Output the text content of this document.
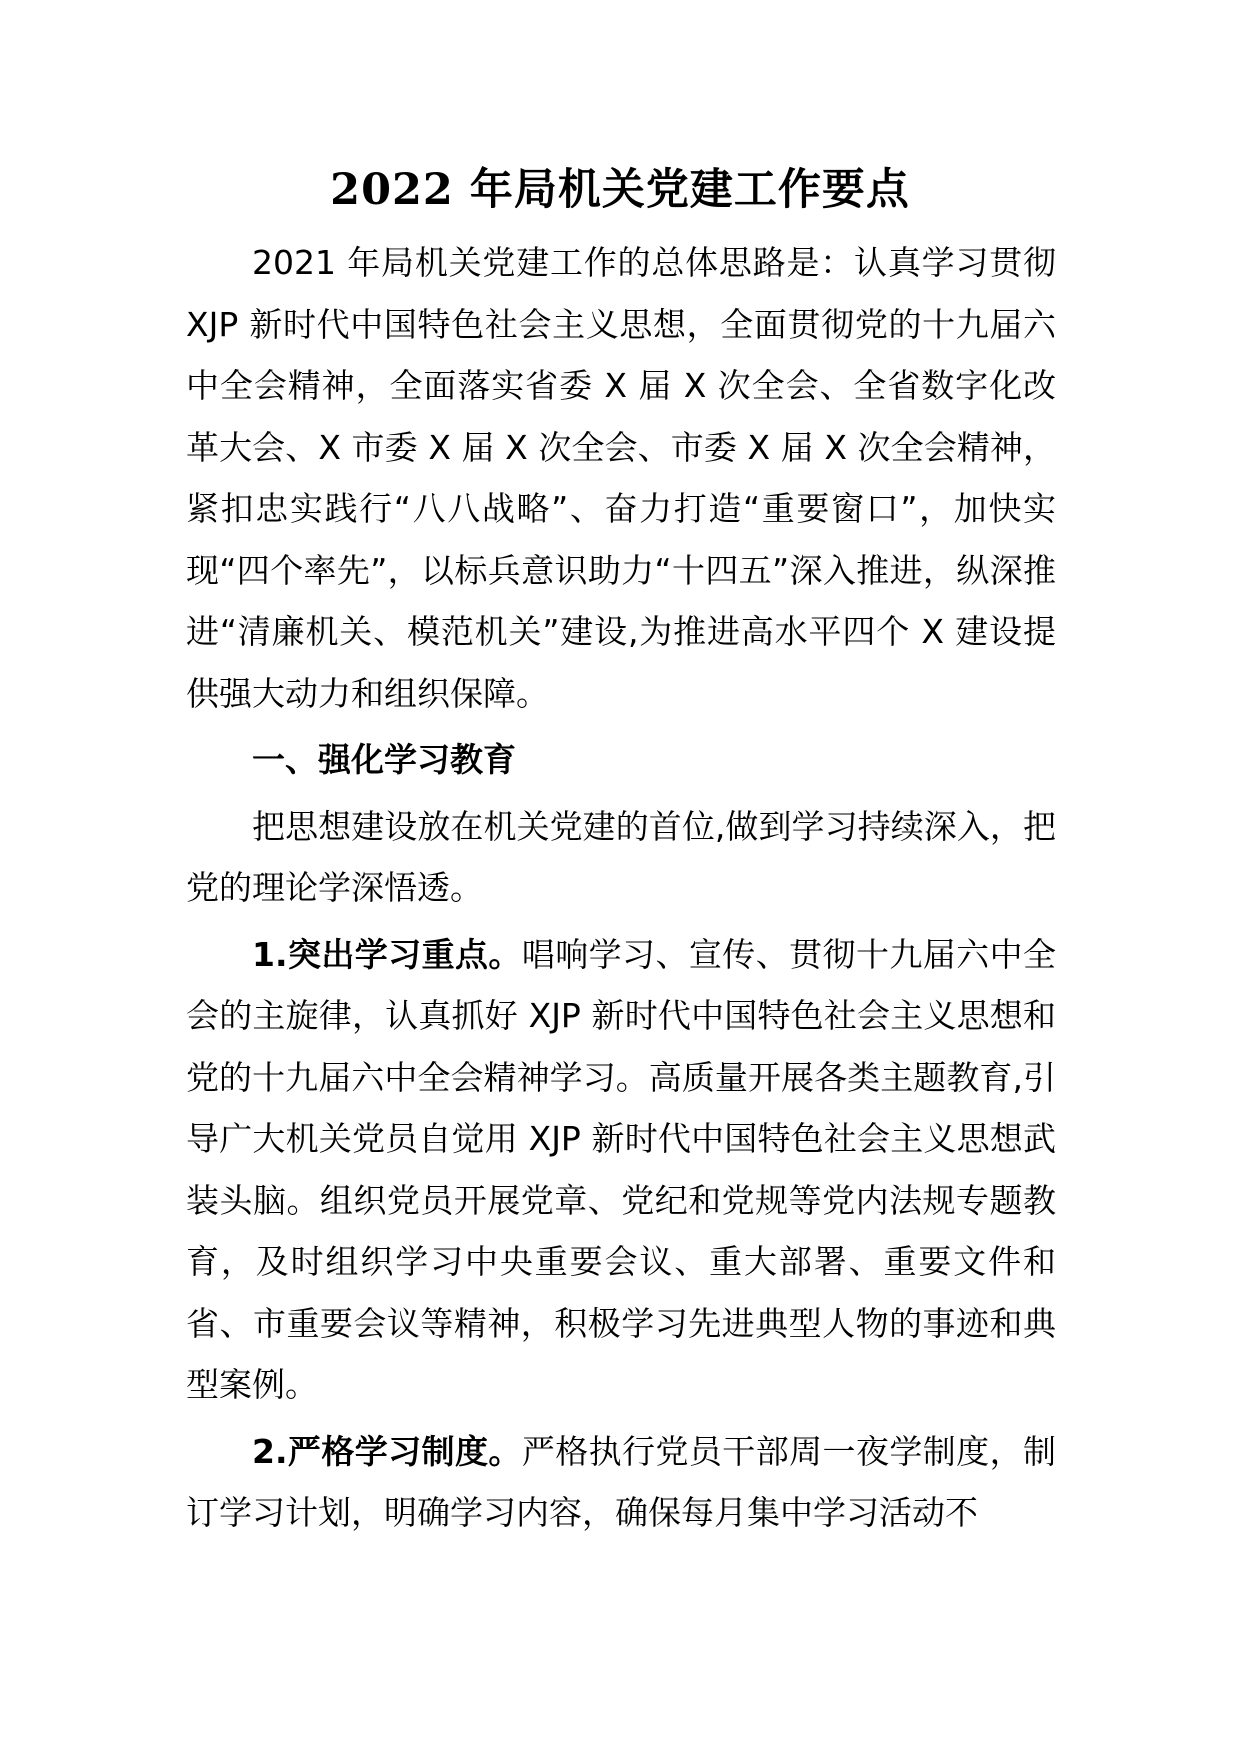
2022 年局机关党建工作要点

2021 年局机关党建工作的总体思路是：认真学习贯彻 XJP 新时代中国特色社会主义思想，全面贯彻党的十九届六中全会精神，全面落实省委 X 届 X 次全会、全省数字化改革大会、X 市委 X 届 X 次全会、市委 X 届 X 次全会精神，紧扣忠实践行“八八战略”、奋力打造“重要窗口”，加快实现“四个率先”，以标兵意识助力“十四五”深入推进，纵深推进“清廉机关、模范机关”建设,为推进高水平四个 X 建设提供强大动力和组织保障。

一、强化学习教育

把思想建设放在机关党建的首位,做到学习持续深入，把党的理论学深悟透。

1.突出学习重点。唱响学习、宣传、贯彻十九届六中全会的主旋律，认真抓好 XJP 新时代中国特色社会主义思想和党的十九届六中全会精神学习。高质量开展各类主题教育,引导广大机关党员自觉用 XJP 新时代中国特色社会主义思想武装头脑。组织党员开展党章、党纪和党规等党内法规专题教育，及时组织学习中央重要会议、重大部署、重要文件和省、市重要会议等精神，积极学习先进典型人物的事迹和典型案例。

2.严格学习制度。严格执行党员干部周一夜学制度，制订学习计划，明确学习内容，确保每月集中学习活动不
